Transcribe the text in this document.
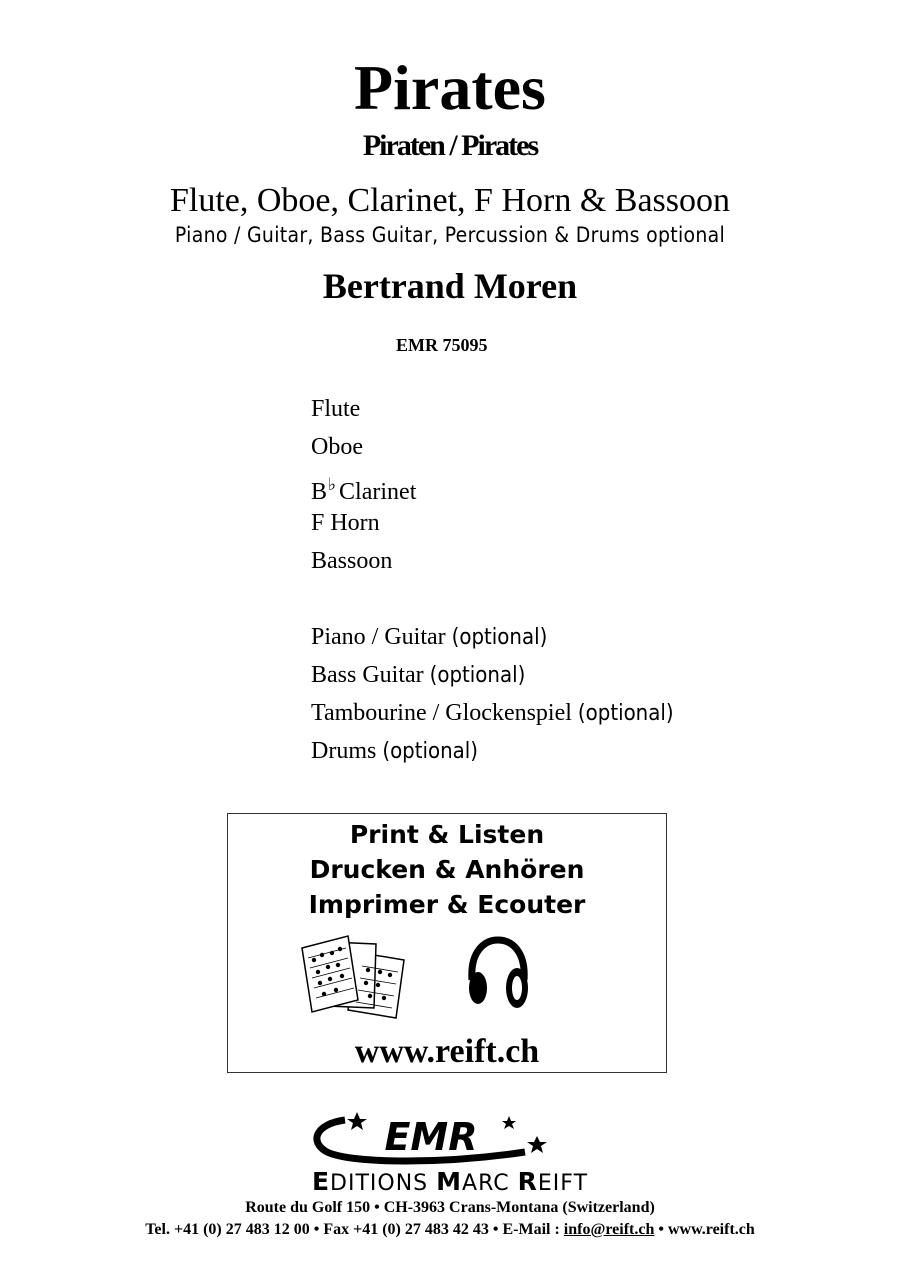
Pirates
Piraten / Pirates
Flute, Oboe, Clarinet, F Horn & Bassoon
Piano / Guitar, Bass Guitar, Percussion & Drums optional
Bertrand Moren
EMR 75095
Flute
Oboe
B♭ Clarinet
F Horn
Bassoon
Piano / Guitar (optional)
Bass Guitar (optional)
Tambourine / Glockenspiel (optional)
Drums (optional)
Print & Listen
Drucken & Anhören
Imprimer & Ecouter
www.reift.ch
EMR
EDITIONS MARC REIFT
Route du Golf 150 • CH-3963 Crans-Montana (Switzerland)
Tel. +41 (0) 27 483 12 00 • Fax +41 (0) 27 483 42 43 • E-Mail : info@reift.ch • www.reift.ch
